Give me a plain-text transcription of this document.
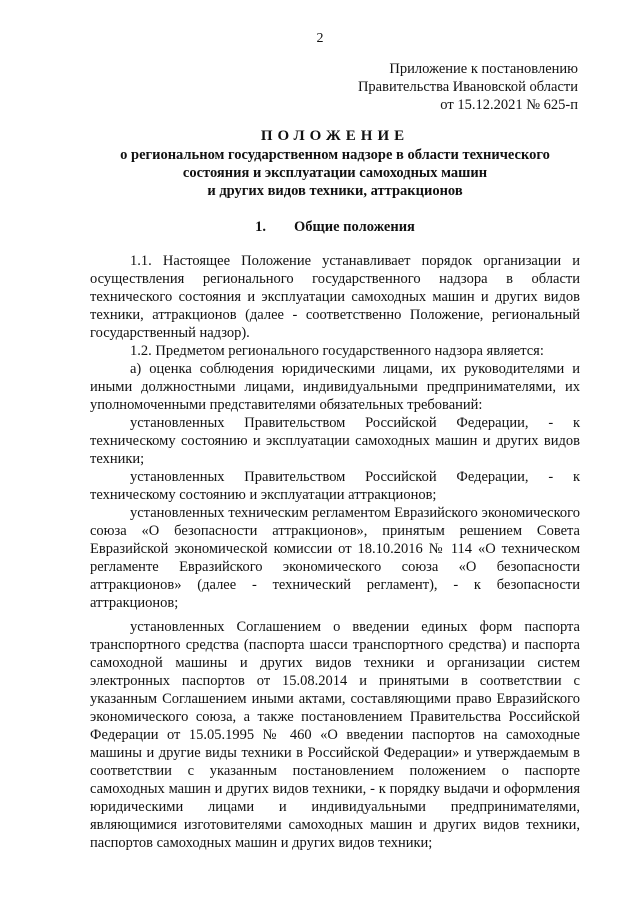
2
Приложение к постановлению
Правительства Ивановской области
от 15.12.2021 № 625-п
ПОЛОЖЕНИЕ
о региональном государственном надзоре в области технического
состояния и эксплуатации самоходных машин
и других видов техники, аттракционов
1. Общие положения

1.1. Настоящее Положение устанавливает порядок организации и осуществления регионального государственного надзора в области технического состояния и эксплуатации самоходных машин и других видов техники, аттракционов (далее - соответственно Положение, региональный государственный надзор).

1.2. Предметом регионального государственного надзора является:

а) оценка соблюдения юридическими лицами, их руководителями и иными должностными лицами, индивидуальными предпринимателями, их уполномоченными представителями обязательных требований:

установленных Правительством Российской Федерации, - к техническому состоянию и эксплуатации самоходных машин и других видов техники;

установленных Правительством Российской Федерации, - к техническому состоянию и эксплуатации аттракционов;

установленных техническим регламентом Евразийского экономического союза «О безопасности аттракционов», принятым решением Совета Евразийской экономической комиссии от 18.10.2016 № 114 «О техническом регламенте Евразийского экономического союза «О безопасности аттракционов» (далее - технический регламент), - к безопасности аттракционов;

установленных Соглашением о введении единых форм паспорта транспортного средства (паспорта шасси транспортного средства) и паспорта самоходной машины и других видов техники и организации систем электронных паспортов от 15.08.2014 и принятыми в соответствии с указанным Соглашением иными актами, составляющими право Евразийского экономического союза, а также постановлением Правительства Российской Федерации от 15.05.1995 № 460 «О введении паспортов на самоходные машины и другие виды техники в Российской Федерации» и утверждаемым в соответствии с указанным постановлением положением о паспорте самоходных машин и других видов техники, - к порядку выдачи и оформления юридическими лицами и индивидуальными предпринимателями, являющимися изготовителями самоходных машин и других видов техники, паспортов самоходных машин и других видов техники;
